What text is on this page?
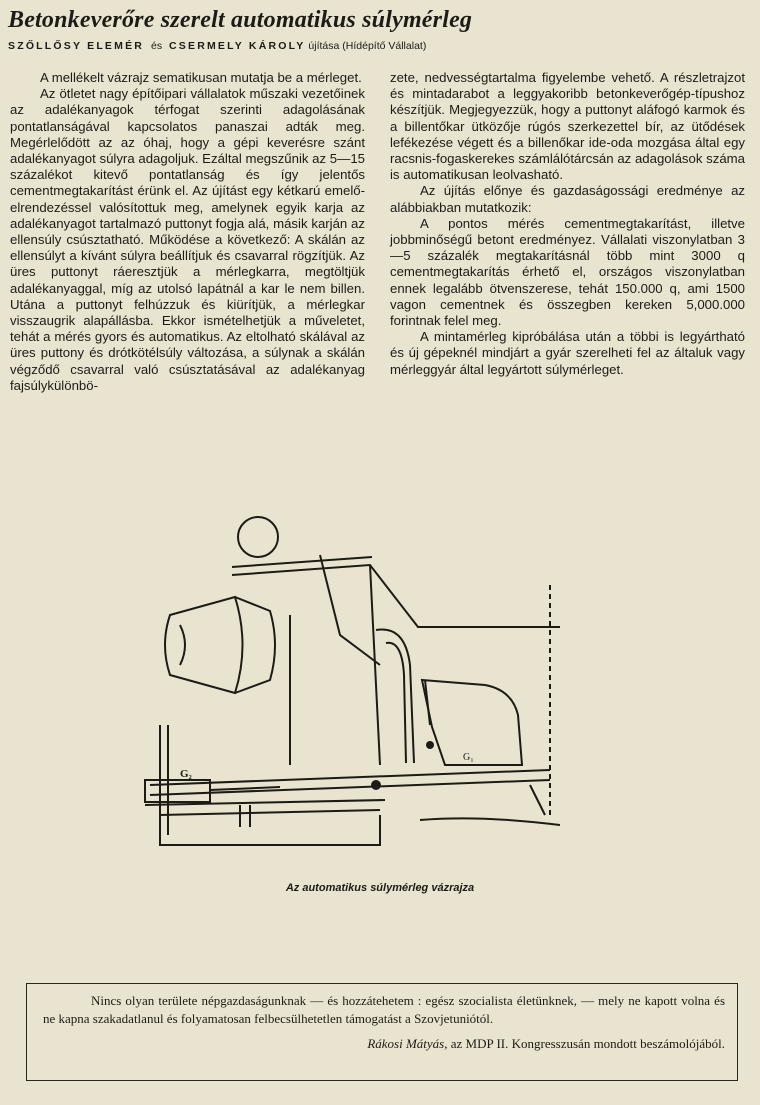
Betonkeverőre szerelt automatikus súlymérleg
SZŐLLŐSY ELEMÉR és CSERMELY KÁROLY újítása (Hídépítő Vállalat)

A mellékelt vázrajz sematikusan mutatja be a mérleget.

Az ötletet nagy építőipari vállalatok műszaki vezetőinek az adalékanyagok térfogat szerinti adagolásának pontatlanságával kapcsolatos panaszai adták meg. Megérlelődött az az óhaj, hogy a gépi keverésre szánt adalékanyagot súlyra adagoljuk. Ezáltal megszűnik az 5—15 százalékot kitevő pontatlanság és így jelentős cementmegtakarítást érünk el. Az újítást egy kétkarú emelő-elrendezéssel valósítottuk meg, amelynek egyik karja az adalékanyagot tartalmazó puttonyt fogja alá, másik karján az ellensúly csúsztatható. Működése a következő: A skálán az ellensúlyt a kívánt súlyra beállítjuk és csavarral rögzítjük. Az üres puttonyt ráeresztjük a mérlegkarra, megtöltjük adalékanyaggal, míg az utolsó lapátnál a kar le nem billen. Utána a puttonyt felhúzzuk és kiürítjük, a mérlegkar visszaugrik alapállásba. Ekkor ismételhetjük a műveletet, tehát a mérés gyors és automatikus. Az eltolható skálával az üres puttony és drótkötélsúly változása, a súlynak a skálán végződő csavarral való csúsztatásával az adalékanyag fajsúlykülönbö-

zete, nedvességtartalma figyelembe vehető. A részletrajzot és mintadarabot a leggyakoribb betonkeverőgép-típushoz készítjük. Megjegyezzük, hogy a puttonyt aláfogó karmok és a billentőkar ütközője rúgós szerkezettel bír, az ütődések lefékezése végett és a billenőkar ide-oda mozgása által egy racsnis-fogaskerekes számlálótárcsán az adagolások száma is automatikusan leolvasható.

Az újítás előnye és gazdaságossági eredménye az alábbiakban mutatkozik:

A pontos mérés cementmegtakarítást, illetve jobbminőségű betont eredményez. Vállalati viszonylatban 3—5 százalék megtakarításnál több mint 3000 q cementmegtakarítás érhető el, országos viszonylatban ennek legalább ötvenszerese, tehát 150.000 q, ami 1500 vagon cementnek és összegben kereken 5,000.000 forintnak felel meg.

A mintamérleg kipróbálása után a többi is legyártható és új gépeknél mindjárt a gyár szerelheti fel az általuk vagy mérleggyár által legyártott súlymérleget.

G₂
G₁
Az automatikus súlymérleg vázrajza

Nincs olyan területe népgazdaságunknak — és hozzátehetem : egész szocialista életünknek, — mely ne kapott volna és ne kapna szakadatlanul és folyamatosan felbecsülhetetlen támogatást a Szovjetuniótól.

Rákosi Mátyás, az MDP II. Kongresszusán mondott beszámolójából.
